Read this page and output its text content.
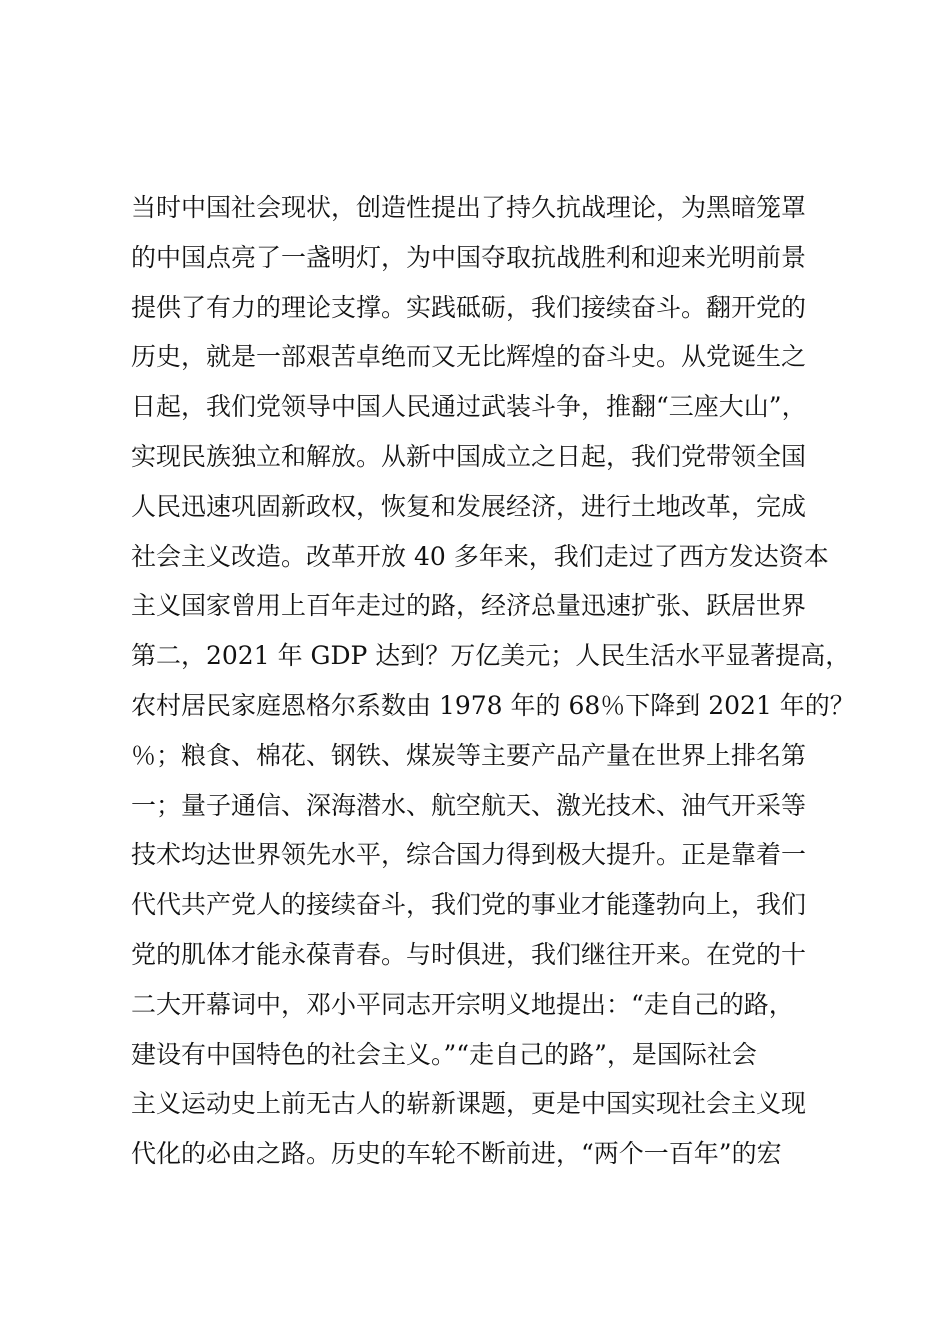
当时中国社会现状，创造性提出了持久抗战理论，为黑暗笼罩
的中国点亮了一盏明灯，为中国夺取抗战胜利和迎来光明前景
提供了有力的理论支撑。实践砥砺，我们接续奋斗。翻开党的
历史，就是一部艰苦卓绝而又无比辉煌的奋斗史。从党诞生之
日起，我们党领导中国人民通过武装斗争，推翻“三座大山”，
实现民族独立和解放。从新中国成立之日起，我们党带领全国
人民迅速巩固新政权，恢复和发展经济，进行土地改革，完成
社会主义改造。改革开放 40 多年来，我们走过了西方发达资本
主义国家曾用上百年走过的路，经济总量迅速扩张、跃居世界
第二，2021 年 GDP 达到？万亿美元；人民生活水平显著提高，
农村居民家庭恩格尔系数由 1978 年的 68％下降到 2021 年的？
％；粮食、棉花、钢铁、煤炭等主要产品产量在世界上排名第
一；量子通信、深海潜水、航空航天、激光技术、油气开采等
技术均达世界领先水平，综合国力得到极大提升。正是靠着一
代代共产党人的接续奋斗，我们党的事业才能蓬勃向上，我们
党的肌体才能永葆青春。与时俱进，我们继往开来。在党的十
二大开幕词中，邓小平同志开宗明义地提出：“走自己的路，
建设有中国特色的社会主义。”“走自己的路”，是国际社会
主义运动史上前无古人的崭新课题，更是中国实现社会主义现
代化的必由之路。历史的车轮不断前进，“两个一百年”的宏
